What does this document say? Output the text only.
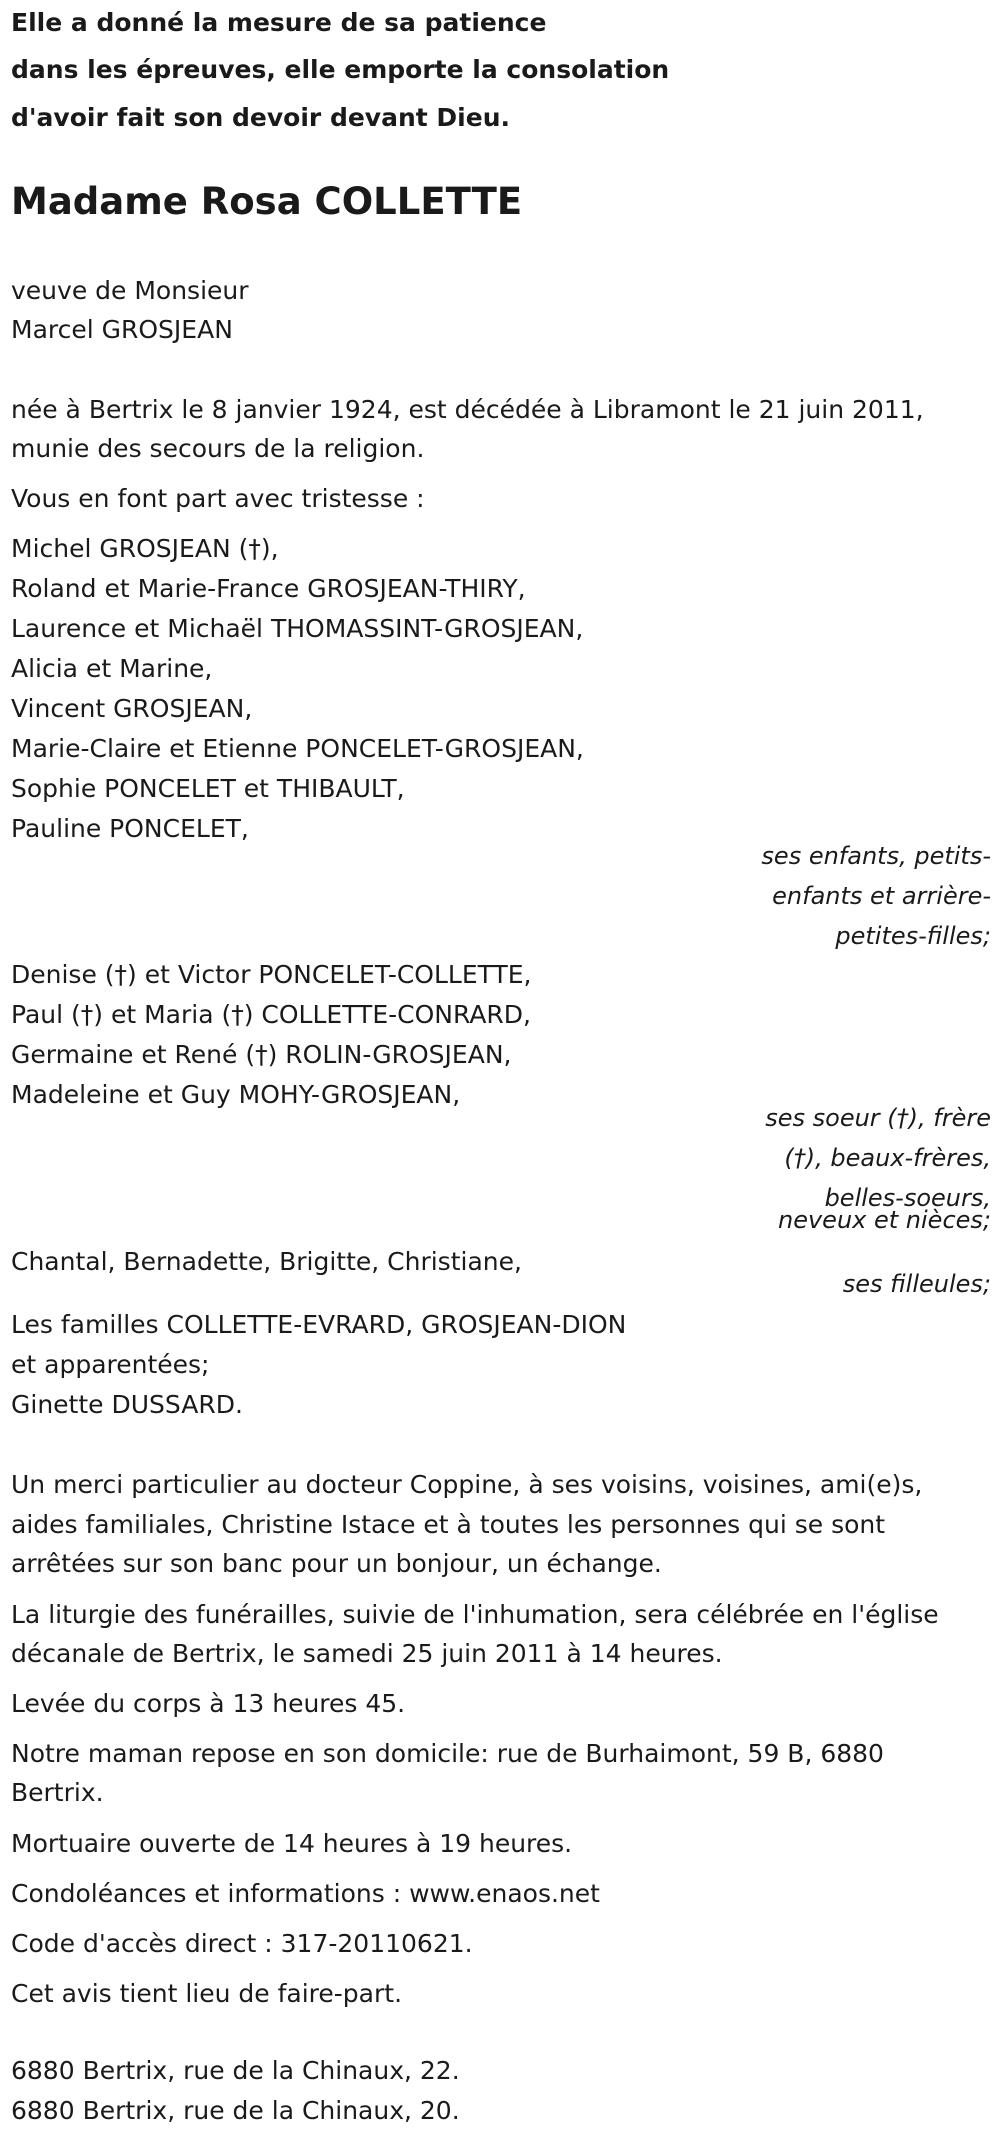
Elle a donné la mesure de sa patience

dans les épreuves, elle emporte la consolation

d'avoir fait son devoir devant Dieu.

Madame Rosa COLLETTE

veuve de Monsieur

Marcel GROSJEAN

née à Bertrix le 8 janvier 1924, est décédée à Libramont le 21 juin 2011,

munie des secours de la religion.

Vous en font part avec tristesse :

Michel GROSJEAN (†),

Roland et Marie-France GROSJEAN-THIRY,

Laurence et Michaël THOMASSINT-GROSJEAN,

Alicia et Marine,

Vincent GROSJEAN,

Marie-Claire et Etienne PONCELET-GROSJEAN,

Sophie PONCELET et THIBAULT,

Pauline PONCELET,

ses enfants, petits-

enfants et arrière-

petites-filles;

Denise (†) et Victor PONCELET-COLLETTE,

Paul (†) et Maria (†) COLLETTE-CONRARD,

Germaine et René (†) ROLIN-GROSJEAN,

Madeleine et Guy MOHY-GROSJEAN,

ses soeur (†), frère

(†), beaux-frères,

belles-soeurs,

neveux et nièces;

Chantal, Bernadette, Brigitte, Christiane,

ses filleules;

Les familles COLLETTE-EVRARD, GROSJEAN-DION

et apparentées;

Ginette DUSSARD.

Un merci particulier au docteur Coppine, à ses voisins, voisines, ami(e)s,

aides familiales, Christine Istace et à toutes les personnes qui se sont

arrêtées sur son banc pour un bonjour, un échange.

La liturgie des funérailles, suivie de l'inhumation, sera célébrée en l'église

décanale de Bertrix, le samedi 25 juin 2011 à 14 heures.

Levée du corps à 13 heures 45.

Notre maman repose en son domicile: rue de Burhaimont, 59 B, 6880

Bertrix.

Mortuaire ouverte de 14 heures à 19 heures.

Condoléances et informations : www.enaos.net

Code d'accès direct : 317-20110621.

Cet avis tient lieu de faire-part.

6880 Bertrix, rue de la Chinaux, 22.

6880 Bertrix, rue de la Chinaux, 20.
